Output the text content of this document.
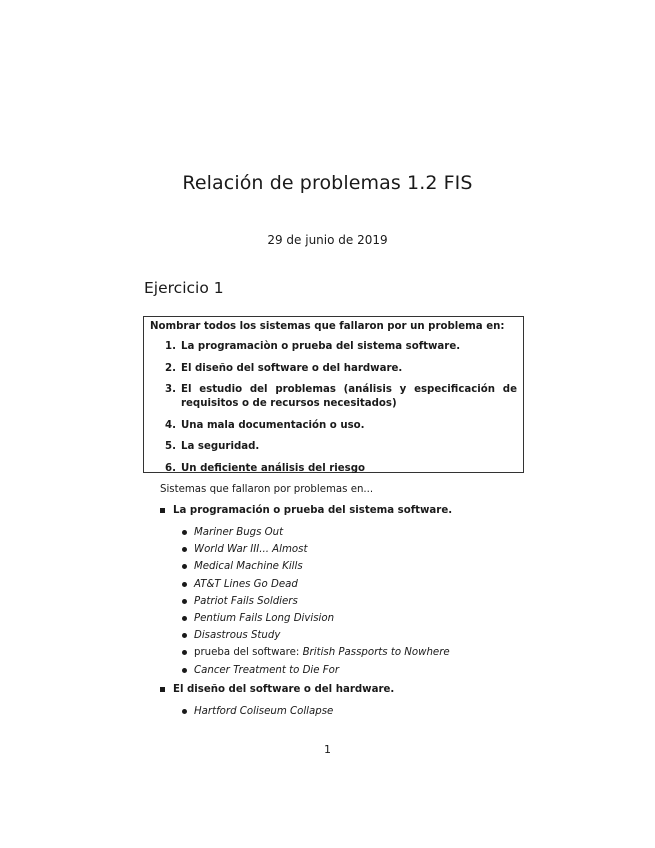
Relación de problemas 1.2 FIS
29 de junio de 2019
Ejercicio 1

Nombrar todos los sistemas que fallaron por un problema en:

1. La programaciòn o prueba del sistema software.
2. El diseño del software o del hardware.
3. El estudio del problemas (análisis y especificación de requisitos o de recursos necesitados)
4. Una mala documentación o uso.
5. La seguridad.
6. Un deficiente análisis del riesgo
Sistemas que fallaron por problemas en...
La programación o prueba del sistema software.
Mariner Bugs Out
World War III... Almost
Medical Machine Kills
AT&T Lines Go Dead
Patriot Fails Soldiers
Pentium Fails Long Division
Disastrous Study
prueba del software: British Passports to Nowhere
Cancer Treatment to Die For
El diseño del software o del hardware.
Hartford Coliseum Collapse
1
